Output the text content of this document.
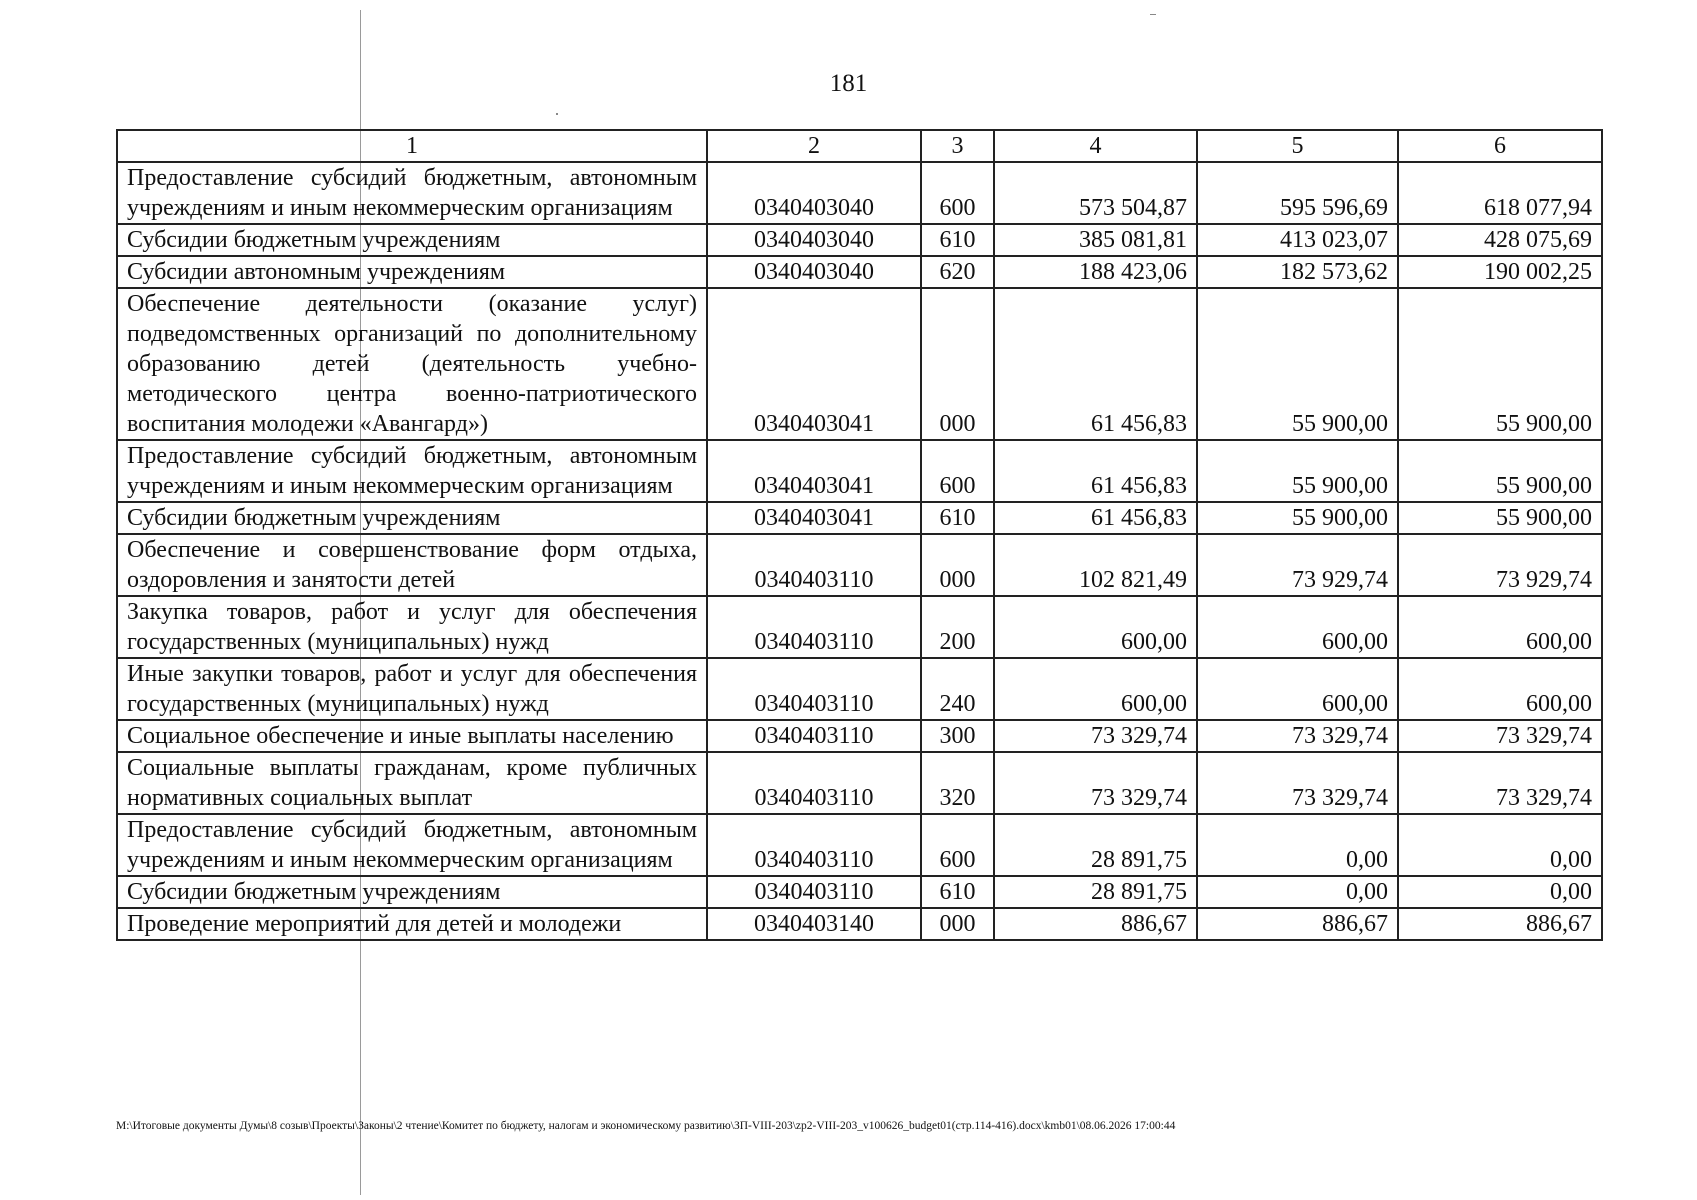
181
1	2	3	4	5	6
Предоставление субсидий бюджетным, автономным учреждениям и иным некоммерческим организациям	0340403040	600	573 504,87	595 596,69	618 077,94
Субсидии бюджетным учреждениям	0340403040	610	385 081,81	413 023,07	428 075,69
Субсидии автономным учреждениям	0340403040	620	188 423,06	182 573,62	190 002,25
Обеспечение деятельности (оказание услуг) подведомственных организаций по дополнительному образованию детей (деятельность учебно-методического центра военно-патриотического воспитания молодежи «Авангард»)	0340403041	000	61 456,83	55 900,00	55 900,00
Предоставление субсидий бюджетным, автономным учреждениям и иным некоммерческим организациям	0340403041	600	61 456,83	55 900,00	55 900,00
Субсидии бюджетным учреждениям	0340403041	610	61 456,83	55 900,00	55 900,00
Обеспечение и совершенствование форм отдыха, оздоровления и занятости детей	0340403110	000	102 821,49	73 929,74	73 929,74
Закупка товаров, работ и услуг для обеспечения государственных (муниципальных) нужд	0340403110	200	600,00	600,00	600,00
Иные закупки товаров, работ и услуг для обеспечения государственных (муниципальных) нужд	0340403110	240	600,00	600,00	600,00
Социальное обеспечение и иные выплаты населению	0340403110	300	73 329,74	73 329,74	73 329,74
Социальные выплаты гражданам, кроме публичных нормативных социальных выплат	0340403110	320	73 329,74	73 329,74	73 329,74
Предоставление субсидий бюджетным, автономным учреждениям и иным некоммерческим организациям	0340403110	600	28 891,75	0,00	0,00
Субсидии бюджетным учреждениям	0340403110	610	28 891,75	0,00	0,00
Проведение мероприятий для детей и молодежи	0340403140	000	886,67	886,67	886,67
M:\Итоговые документы Думы\8 созыв\Проекты\Законы\2 чтение\Комитет по бюджету, налогам и экономическому развитию\ЗП-VIII-203\zp2-VIII-203_v100626_budget01(стр.114-416).docx\kmb01\08.06.2026 17:00:44
